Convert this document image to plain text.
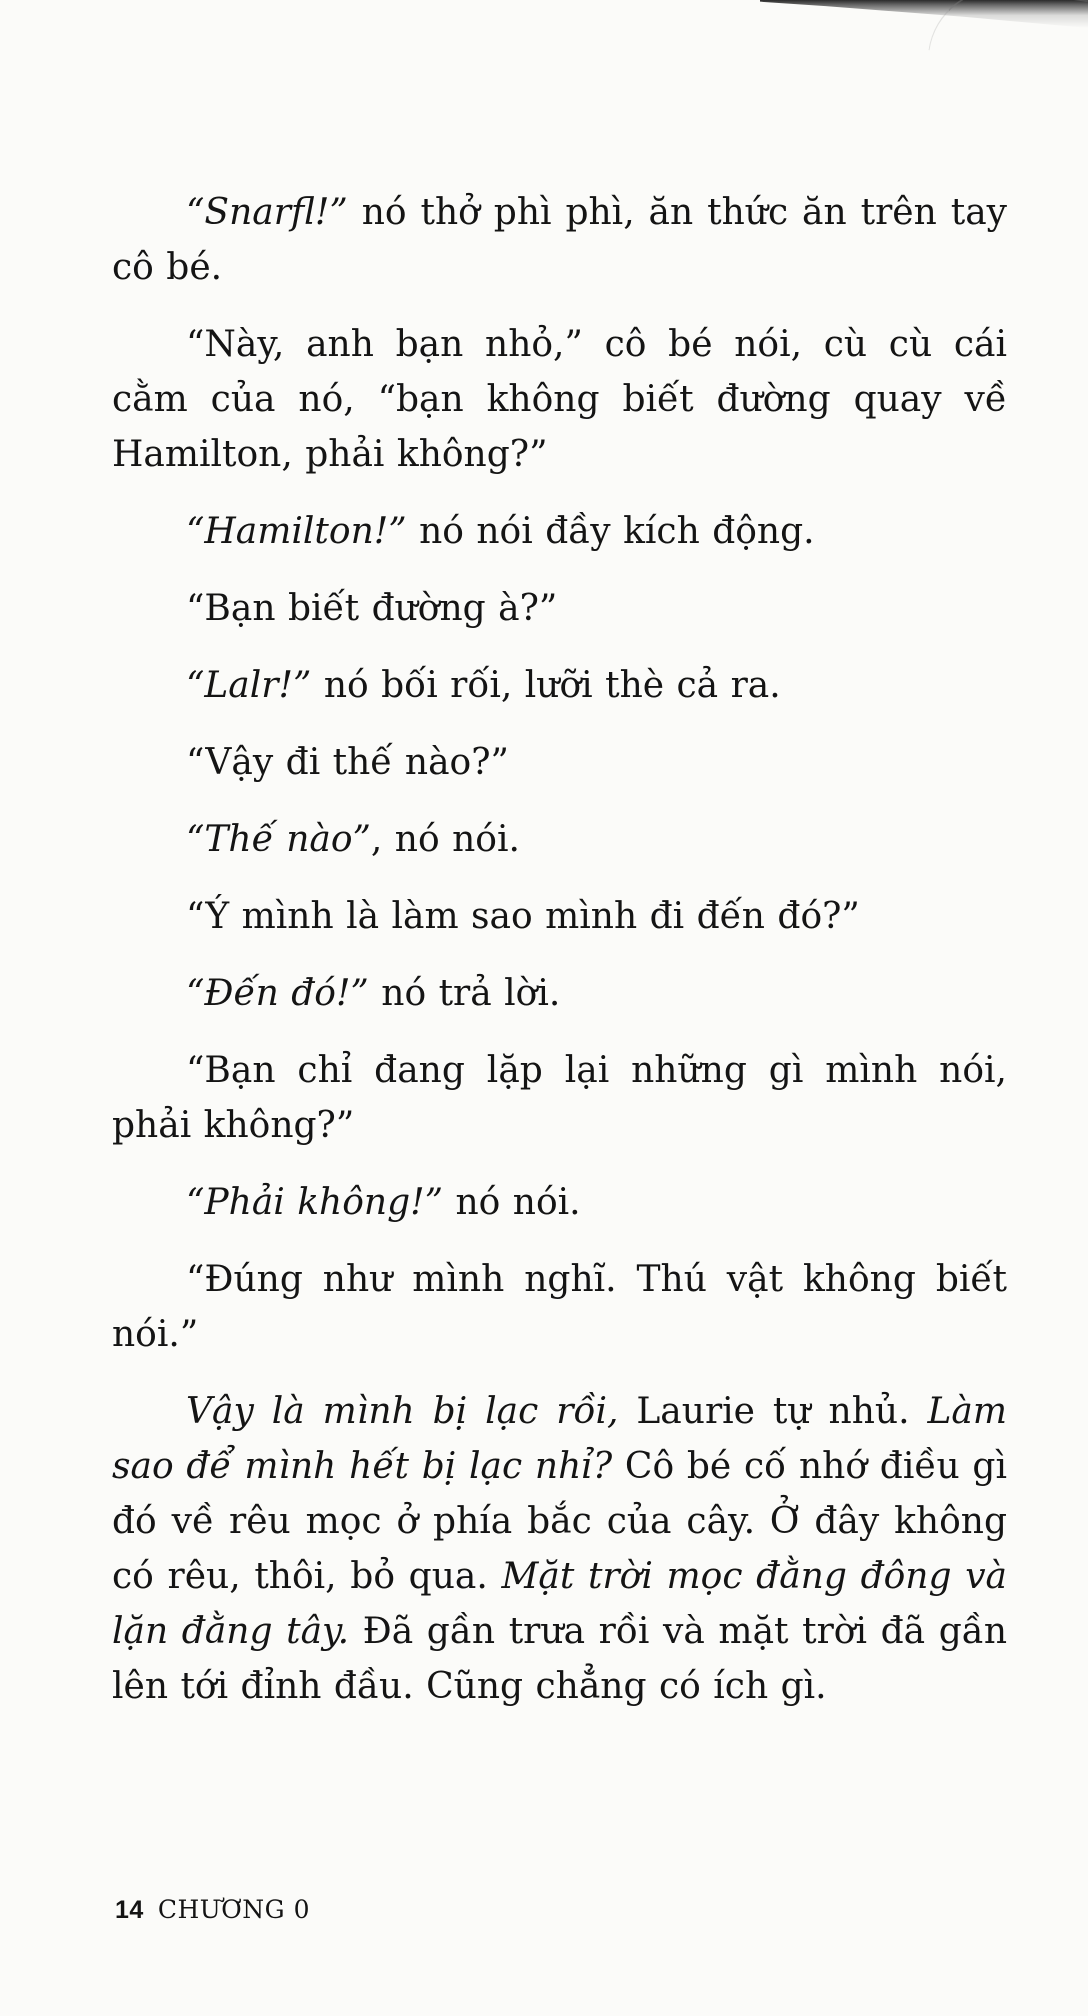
“Snarfl!” nó thở phì phì, ăn thức ăn trên tay cô bé.

“Này, anh bạn nhỏ,” cô bé nói, cù cù cái cằm của nó, “bạn không biết đường quay về Hamilton, phải không?”

“Hamilton!” nó nói đầy kích động.

“Bạn biết đường à?”

“Lalr!” nó bối rối, lưỡi thè cả ra.

“Vậy đi thế nào?”

“Thế nào”, nó nói.

“Ý mình là làm sao mình đi đến đó?”

“Đến đó!” nó trả lời.

“Bạn chỉ đang lặp lại những gì mình nói, phải không?”

“Phải không!” nó nói.

“Đúng như mình nghĩ. Thú vật không biết nói.”

Vậy là mình bị lạc rồi, Laurie tự nhủ. Làm sao để mình hết bị lạc nhỉ? Cô bé cố nhớ điều gì đó về rêu mọc ở phía bắc của cây. Ở đây không có rêu, thôi, bỏ qua. Mặt trời mọc đằng đông và lặn đằng tây. Đã gần trưa rồi và mặt trời đã gần lên tới đỉnh đầu. Cũng chẳng có ích gì.

14 CHƯƠNG 0
